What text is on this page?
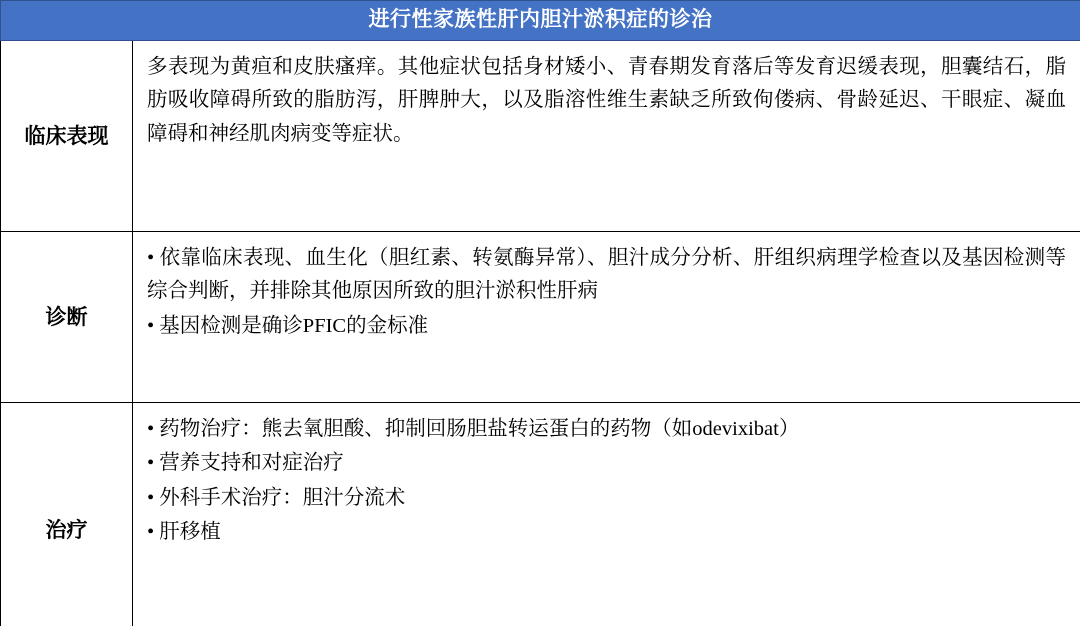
进行性家族性肝内胆汁淤积症的诊治	
临床表现	多表现为黄疸和皮肤瘙痒。其他症状包括身材矮小、青春期发育落后等发育迟缓表现，胆囊结石，脂肪吸收障碍所致的脂肪泻，肝脾肿大，以及脂溶性维生素缺乏所致佝偻病、骨龄延迟、干眼症、凝血障碍和神经肌肉病变等症状。

诊断	• 依靠临床表现、血生化（胆红素、转氨酶异常）、胆汁成分分析、肝组织病理学检查以及基因检测等综合判断，并排除其他原因所致的胆汁淤积性肝病

• 基因检测是确诊PFIC的金标准

治疗	• 药物治疗：熊去氧胆酸、抑制回肠胆盐转运蛋白的药物（如odevixibat）

• 营养支持和对症治疗

• 外科手术治疗：胆汁分流术

• 肝移植
